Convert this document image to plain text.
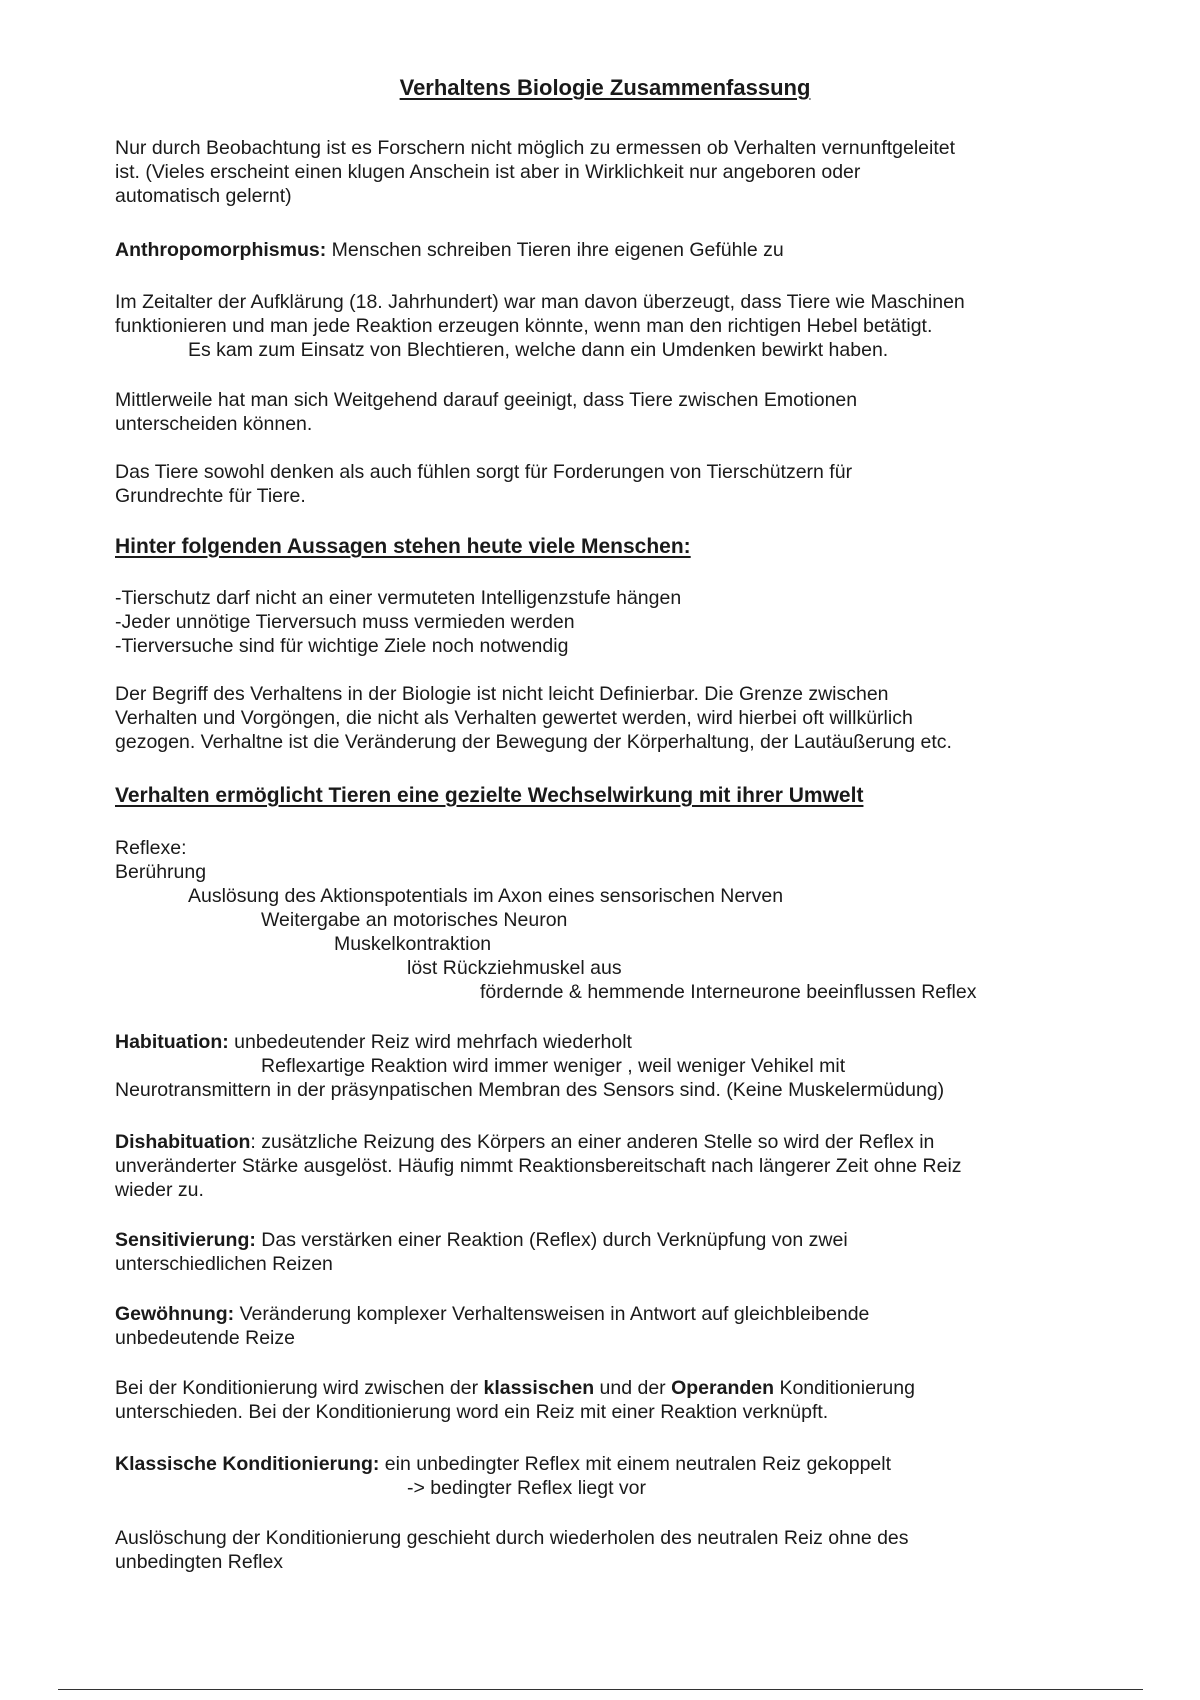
Verhaltens Biologie Zusammenfassung

Nur durch Beobachtung ist es Forschern nicht möglich zu ermessen ob Verhalten vernunftgeleitet
ist. (Vieles erscheint einen klugen Anschein ist aber in Wirklichkeit nur angeboren oder
automatisch gelernt)

Anthropomorphismus: Menschen schreiben Tieren ihre eigenen Gefühle zu

Im Zeitalter der Aufklärung (18. Jahrhundert) war man davon überzeugt, dass Tiere wie Maschinen
funktionieren und man jede Reaktion erzeugen könnte, wenn man den richtigen Hebel betätigt.
Es kam zum Einsatz von Blechtieren, welche dann ein Umdenken bewirkt haben.

Mittlerweile hat man sich Weitgehend darauf geeinigt, dass Tiere zwischen Emotionen
unterscheiden können.

Das Tiere sowohl denken als auch fühlen sorgt für Forderungen von Tierschützern für
Grundrechte für Tiere.

Hinter folgenden Aussagen stehen heute viele Menschen:

-Tierschutz darf nicht an einer vermuteten Intelligenzstufe hängen
-Jeder unnötige Tierversuch muss vermieden werden
-Tierversuche sind für wichtige Ziele noch notwendig

Der Begriff des Verhaltens in der Biologie ist nicht leicht Definierbar. Die Grenze zwischen
Verhalten und Vorgöngen, die nicht als Verhalten gewertet werden, wird hierbei oft willkürlich
gezogen. Verhaltne ist die Veränderung der Bewegung der Körperhaltung, der Lautäußerung etc.

Verhalten ermöglicht Tieren eine gezielte Wechselwirkung mit ihrer Umwelt

Reflexe:
Berührung
Auslösung des Aktionspotentials im Axon eines sensorischen Nerven
Weitergabe an motorisches Neuron
Muskelkontraktion
löst Rückziehmuskel aus
fördernde & hemmende Interneurone beeinflussen Reflex

Habituation: unbedeutender Reiz wird mehrfach wiederholt
Reflexartige Reaktion wird immer weniger , weil weniger Vehikel mit
Neurotransmittern in der präsynpatischen Membran des Sensors sind. (Keine Muskelermüdung)

Dishabituation: zusätzliche Reizung des Körpers an einer anderen Stelle so wird der Reflex in
unveränderter Stärke ausgelöst. Häufig nimmt Reaktionsbereitschaft nach längerer Zeit ohne Reiz
wieder zu.

Sensitivierung: Das verstärken einer Reaktion (Reflex) durch Verknüpfung von zwei
unterschiedlichen Reizen

Gewöhnung: Veränderung komplexer Verhaltensweisen in Antwort auf gleichbleibende
unbedeutende Reize

Bei der Konditionierung wird zwischen der klassischen und der Operanden Konditionierung
unterschieden. Bei der Konditionierung word ein Reiz mit einer Reaktion verknüpft.

Klassische Konditionierung: ein unbedingter Reflex mit einem neutralen Reiz gekoppelt
-> bedingter Reflex liegt vor

Auslöschung der Konditionierung geschieht durch wiederholen des neutralen Reiz ohne des
unbedingten Reflex
